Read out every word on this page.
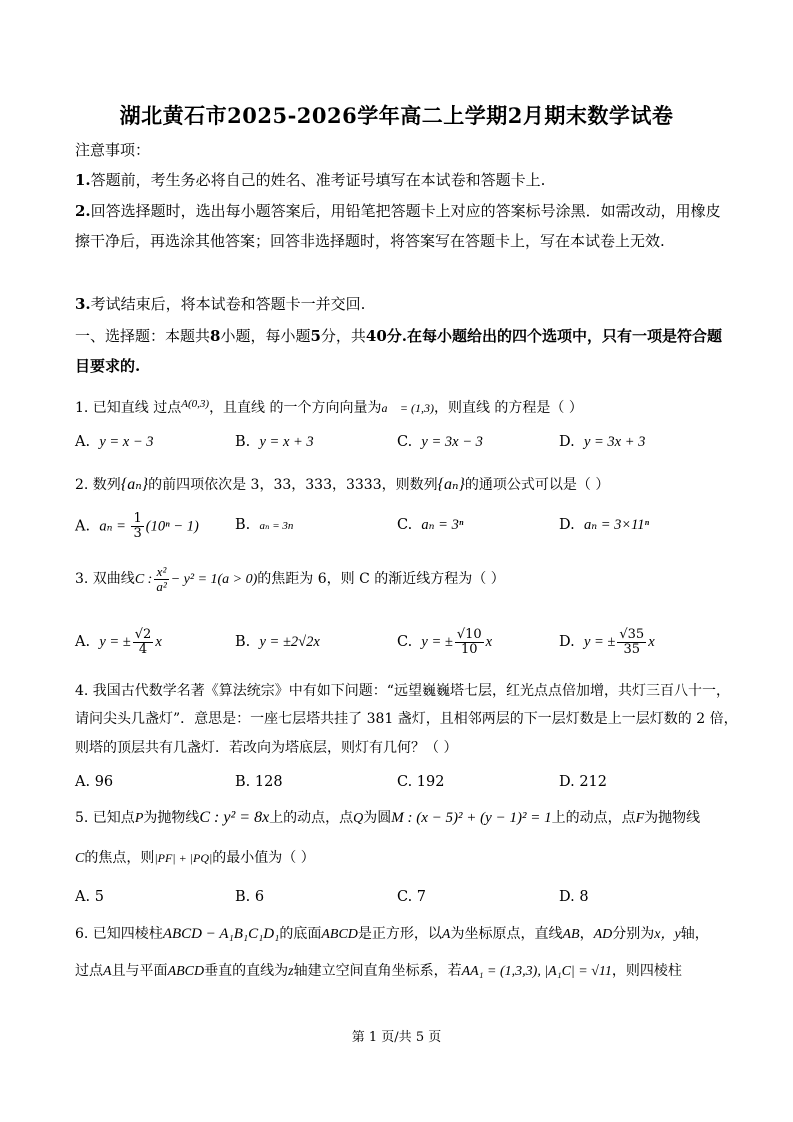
湖北黄石市2025-2026学年高二上学期2月期末数学试卷
注意事项：
1.答题前，考生务必将自己的姓名、准考证号填写在本试卷和答题卡上.
2.回答选择题时，选出每小题答案后，用铅笔把答题卡上对应的答案标号涂黑．如需改动，用橡皮擦干净后，再选涂其他答案；回答非选择题时，将答案写在答题卡上，写在本试卷上无效.
3.考试结束后，将本试卷和答题卡一并交回.
一、选择题：本题共8小题，每小题5分，共40分.在每小题给出的四个选项中，只有一项是符合题目要求的.
1. 已知直线 过点$^{A(0,3)}$，且直线 的一个方向向量为a⃗ = (1,3)，则直线 的方程是（ ）
A. y = x − 3	B. y = x + 3	C. y = 3x − 3	D. y = 3x + 3
2. 数列{aₙ}的前四项依次是 3，33，333，3333，则数列{aₙ}的通项公式可以是（ ）
A. $a_n = \frac{1}{3} (10^n - 1)$ B. aₙ = 3n	C. aₙ = 3ⁿ	D. aₙ = 3×11ⁿ
3. 双曲线C : $\frac{\text{x²}}{\text{a²}} - y^2 = 1(a > 0)$的焦距为 6，则 C 的渐近线方程为（ ）
A. y = ± $\frac{√2}{4}$ x	B. y = ±2√2x	C. y = ± $\frac{√10}{10}$ x	D. y = ± $\frac{√35}{35}$ x
4. 我国古代数学名著《算法统宗》中有如下问题：“远望巍巍塔七层，红光点点倍加增，共灯三百八十一，
请问尖头几盏灯”．意思是：一座七层塔共挂了 381 盏灯，且相邻两层的下一层灯数是上一层灯数的 2 倍，
则塔的顶层共有几盏灯．若改向为塔底层，则灯有几何？（ ）
A. 96	B. 128	C. 192	D. 212
5. 已知点P为抛物线C : y² = 8x上的动点，点Q为圆M : (x − 5)² + (y − 1)² = 1上的动点，点F为抛物线
C的焦点，则|PF| + |PQ|的最小值为（ ）
A. 5	B. 6	C. 7	D. 8
6. 已知四棱柱ABCD − A₁B₁C₁D₁的底面ABCD是正方形，以A为坐标原点，直线AB，AD分别为x，y轴，
过点A且与平面ABCD垂直的直线为z轴建立空间直角坐标系，若AA₁ = (1,3,3), |A₁C| = √11，则四棱柱
第 1 页/共 5 页
